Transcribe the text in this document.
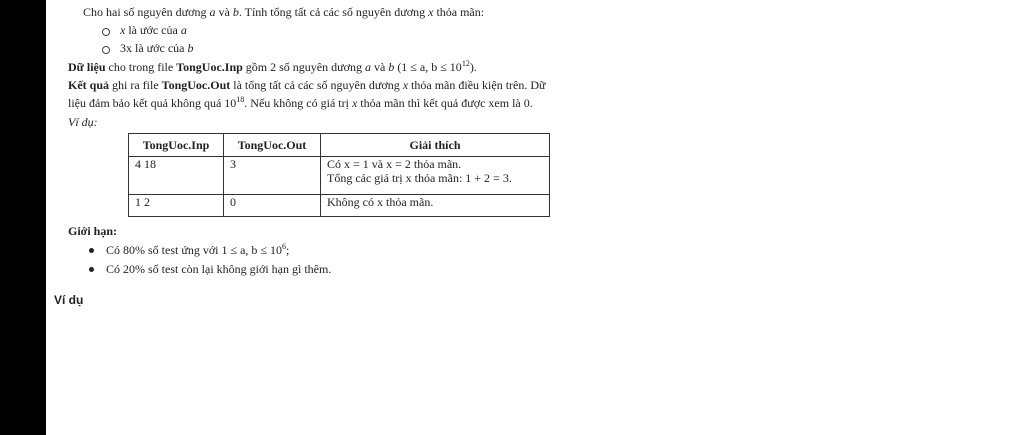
Cho hai số nguyên dương a và b. Tính tổng tất cả các số nguyên dương x thỏa mãn:
x là ước của a
3x là ước của b
Dữ liệu cho trong file TongUoc.Inp gồm 2 số nguyên dương a và b (1 ≤ a, $b \le 10^{12}$).
Kết quả ghi ra file TongUoc.Out là tổng tất cả các số nguyên dương x thỏa mãn điều kiện trên. Dữ
liệu đảm bảo kết quả không quá $10^{18}$. Nếu không có giá trị x thỏa mãn thì kết quả được xem là 0.
Ví dụ:
TongUoc.Inp	TongUoc.Out	Giải thích
4 18	3	Có x = 1 và x = 2 thỏa mãn.
Tổng các giá trị x thỏa mãn: 1 + 2 = 3.

1 2	0	Không có x thỏa mãn.
Giới hạn:
Có 80% số test ứng với 1 ≤ a, $b \le 10^6$;
Có 20% số test còn lại không giới hạn gì thêm.
Ví dụ
